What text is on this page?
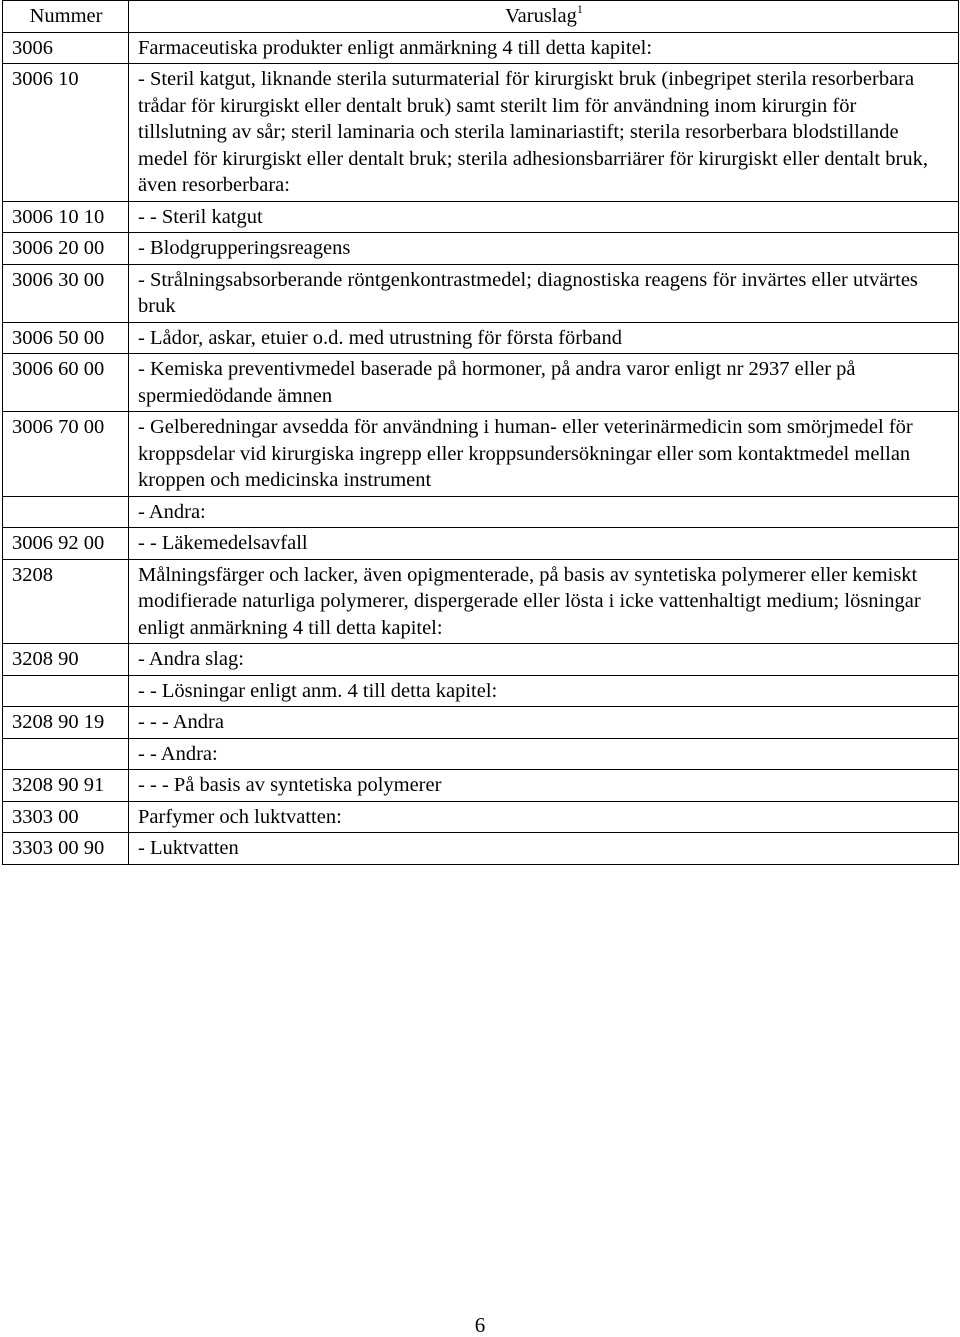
Nummer	Varuslag$^1$
3006	Farmaceutiska produkter enligt anmärkning 4 till detta kapitel:
3006 10	- Steril katgut, liknande sterila suturmaterial för kirurgiskt bruk (inbegripet sterila resorberbara trådar för kirurgiskt eller dentalt bruk) samt sterilt lim för användning inom kirurgin för tillslutning av sår; steril laminaria och sterila laminariastift; sterila resorberbara blodstillande medel för kirurgiskt eller dentalt bruk; sterila adhesionsbarriärer för kirurgiskt eller dentalt bruk, även resorberbara:
3006 10 10	- - Steril katgut
3006 20 00	- Blodgrupperingsreagens
3006 30 00	- Strålningsabsorberande röntgenkontrastmedel; diagnostiska reagens för invärtes eller utvärtes bruk
3006 50 00	- Lådor, askar, etuier o.d. med utrustning för första förband
3006 60 00	- Kemiska preventivmedel baserade på hormoner, på andra varor enligt nr 2937 eller på spermiedödande ämnen
3006 70 00	- Gelberedningar avsedda för användning i human- eller veterinärmedicin som smörjmedel för kroppsdelar vid kirurgiska ingrepp eller kroppsundersökningar eller som kontaktmedel mellan kroppen och medicinska instrument
	- Andra:
3006 92 00	- - Läkemedelsavfall
3208	Målningsfärger och lacker, även opigmenterade, på basis av syntetiska polymerer eller kemiskt modifierade naturliga polymerer, dispergerade eller lösta i icke vattenhaltigt medium; lösningar enligt anmärkning 4 till detta kapitel:
3208 90	- Andra slag:
	- - Lösningar enligt anm. 4 till detta kapitel:
3208 90 19	- - - Andra
	- - Andra:
3208 90 91	- - - På basis av syntetiska polymerer
3303 00	Parfymer och luktvatten:
3303 00 90	- Luktvatten
6
